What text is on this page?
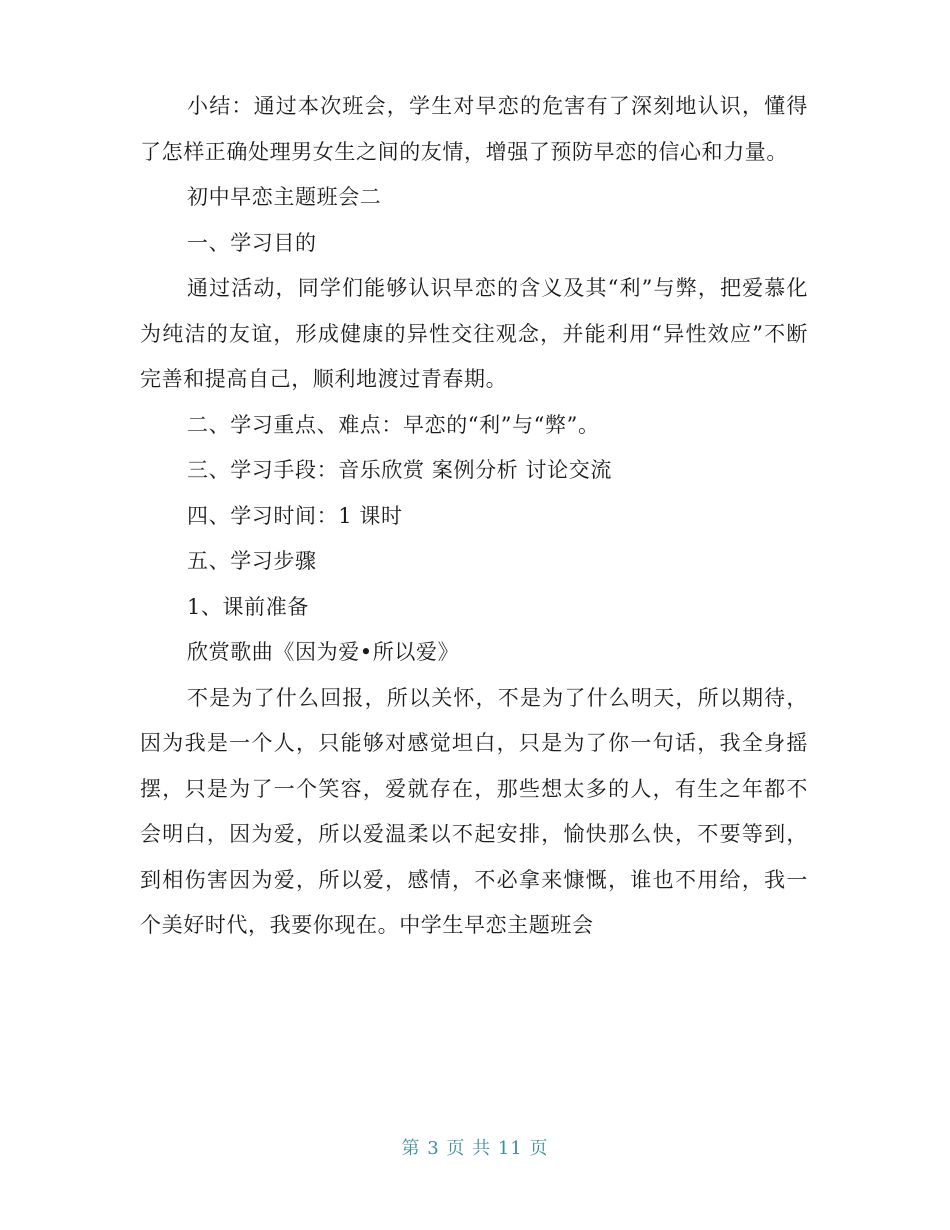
小结：通过本次班会，学生对早恋的危害有了深刻地认识，懂得了怎样正确处理男女生之间的友情，增强了预防早恋的信心和力量。

初中早恋主题班会二

一、学习目的

通过活动，同学们能够认识早恋的含义及其“利”与弊，把爱慕化为纯洁的友谊，形成健康的异性交往观念，并能利用“异性效应”不断完善和提高自己，顺利地渡过青春期。

二、学习重点、难点：早恋的“利”与“弊”。

三、学习手段：音乐欣赏 案例分析 讨论交流

四、学习时间：1 课时

五、学习步骤

1、课前准备

欣赏歌曲《因为爱•所以爱》

不是为了什么回报，所以关怀，不是为了什么明天，所以期待，因为我是一个人，只能够对感觉坦白，只是为了你一句话，我全身摇摆，只是为了一个笑容，爱就存在，那些想太多的人，有生之年都不会明白，因为爱，所以爱温柔以不起安排，愉快那么快，不要等到，到相伤害因为爱，所以爱，感情，不必拿来慷慨，谁也不用给，我一个美好时代，我要你现在。中学生早恋主题班会

第 3 页 共 11 页
